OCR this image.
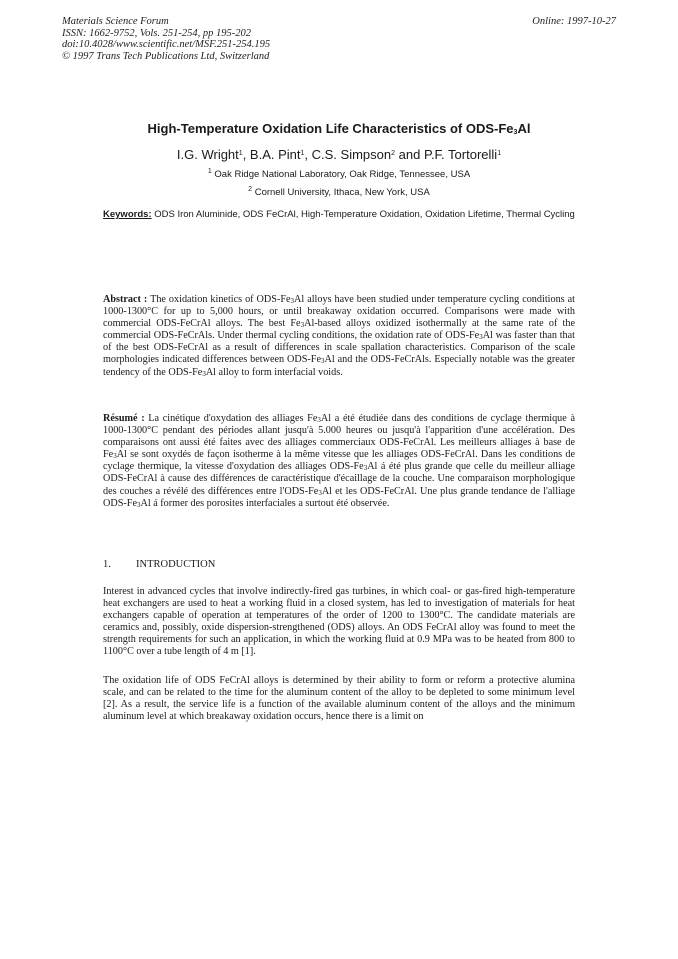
Materials Science Forum
ISSN: 1662-9752, Vols. 251-254, pp 195-202
doi:10.4028/www.scientific.net/MSF.251-254.195
© 1997 Trans Tech Publications Ltd, Switzerland
Online: 1997-10-27
High-Temperature Oxidation Life Characteristics of ODS-$Fe_3Al$
I.G. Wright$^1$, B.A. Pint$^1$, C.S. Simpson$^2$ and P.F. Tortorelli$^1$
$^1$ Oak Ridge National Laboratory, Oak Ridge, Tennessee, USA
$^2$ Cornell University, Ithaca, New York, USA
Keywords: ODS Iron Aluminide, ODS FeCrAl, High-Temperature Oxidation, Oxidation Lifetime, Thermal Cycling
Abstract : The oxidation kinetics of ODS-$Fe_3Al$ alloys have been studied under temperature cycling conditions at 1000-1300°C for up to 5,000 hours, or until breakaway oxidation occurred. Comparisons were made with commercial ODS-FeCrAl alloys. The best $Fe_3Al$-based alloys oxidized isothermally at the same rate of the commercial ODS-FeCrAls. Under thermal cycling conditions, the oxidation rate of ODS-$Fe_3Al$ was faster than that of the best ODS-FeCrAl as a result of differences in scale spallation characteristics. Comparison of the scale morphologies indicated differences between ODS-$Fe_3Al$ and the ODS-FeCrAls. Especially notable was the greater tendency of the ODS-$Fe_3Al$ alloy to form interfacial voids.
Résumé : La cinétique d'oxydation des alliages $Fe_3Al$ a été étudiée dans des conditions de cyclage thermique à 1000-1300°C pendant des périodes allant jusqu'à 5.000 heures ou jusqu'à l'apparition d'une accélération. Des comparaisons ont aussi été faites avec des alliages commerciaux ODS-FeCrAl. Les meilleurs alliages à base de $Fe_3Al$ se sont oxydés de façon isotherme à la même vitesse que les alliages ODS-FeCrAl. Dans les conditions de cyclage thermique, la vitesse d'oxydation des alliages ODS-$Fe_3Al$ á été plus grande que celle du meilleur alliage ODS-FeCrAl à cause des différences de caractéristique d'écaillage de la couche. Une comparaison morphologique des couches a révélé des différences entre $l'ODS-Fe_3Al$ et les ODS-FeCrAl. Une plus grande tendance de l'alliage ODS-$Fe_3Al$ á former des porosites interfaciales a surtout été observée.
1. INTRODUCTION
Interest in advanced cycles that involve indirectly-fired gas turbines, in which coal- or gas-fired high-temperature heat exchangers are used to heat a working fluid in a closed system, has led to investigation of materials for heat exchangers capable of operation at temperatures of the order of 1200 to 1300°C. The candidate materials are ceramics and, possibly, oxide dispersion-strengthened (ODS) alloys. An ODS FeCrAl alloy was found to meet the strength requirements for such an application, in which the working fluid at 0.9 MPa was to be heated from 800 to 1100°C over a tube length of 4 m [1].
The oxidation life of ODS FeCrAl alloys is determined by their ability to form or reform a protective alumina scale, and can be related to the time for the aluminum content of the alloy to be depleted to some minimum level [2]. As a result, the service life is a function of the available aluminum content of the alloys and the minimum aluminum level at which breakaway oxidation occurs, hence there is a limit on
